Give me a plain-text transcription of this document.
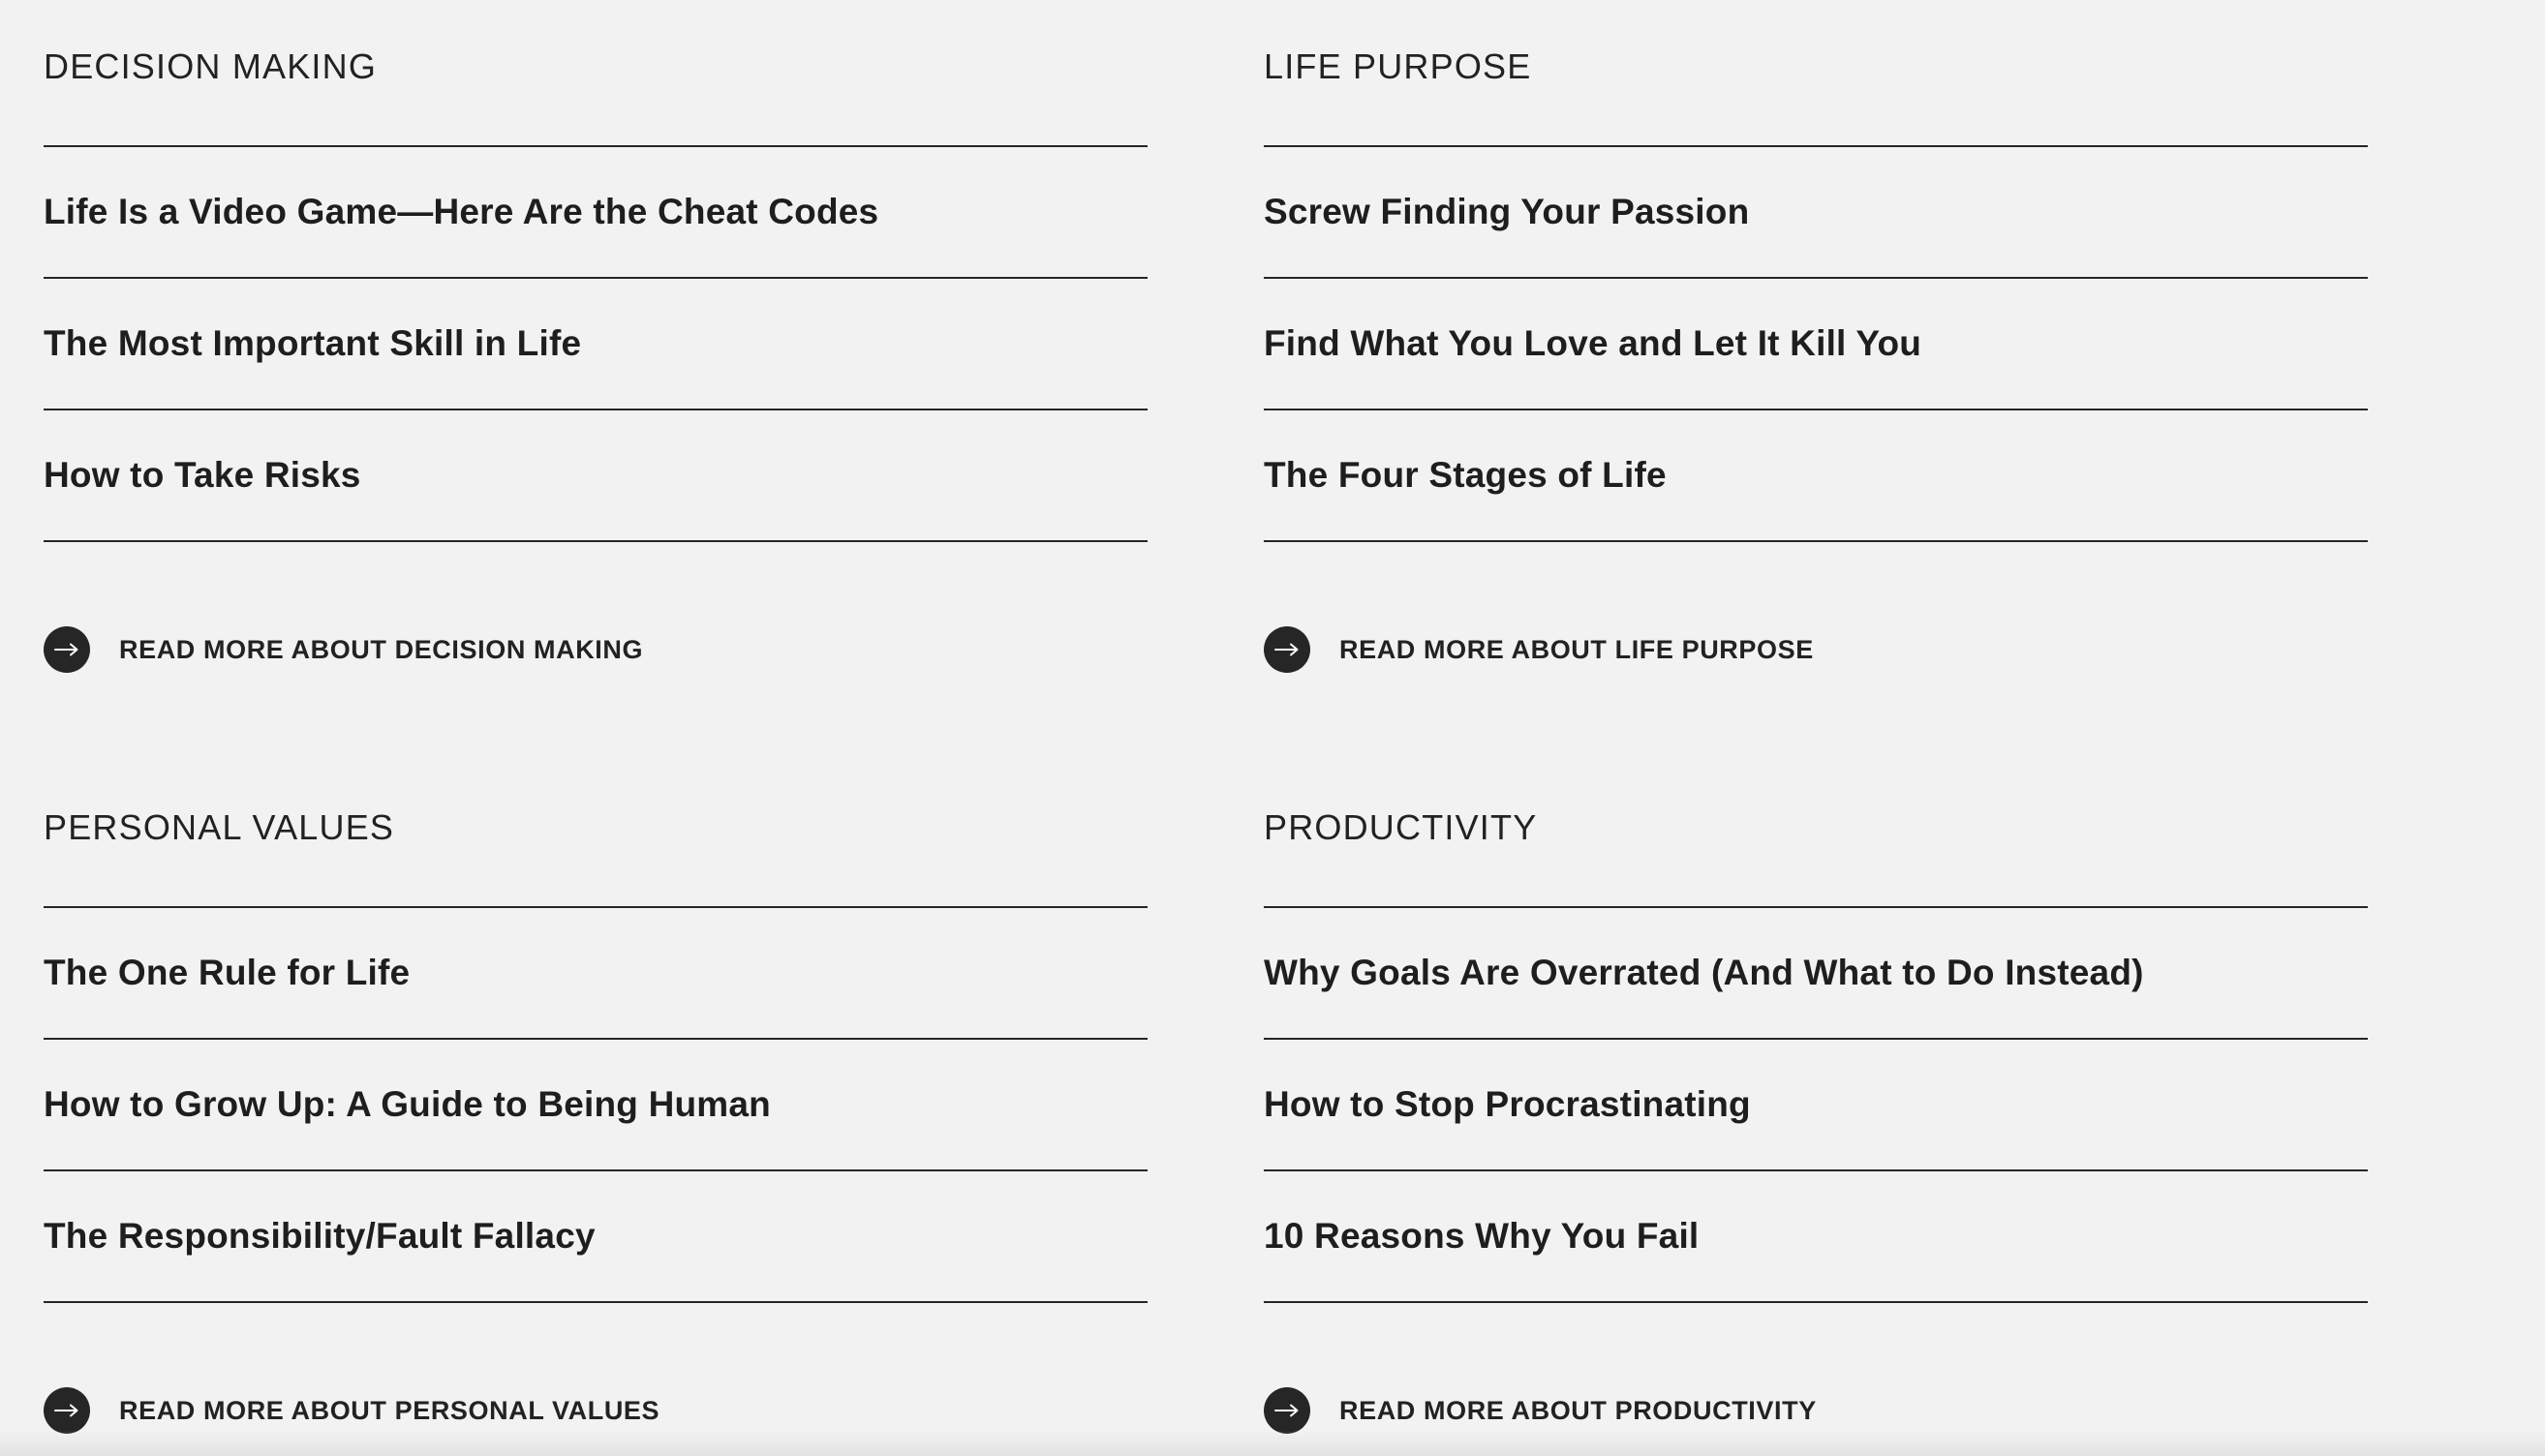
DECISION MAKING
Life Is a Video Game—Here Are the Cheat Codes
The Most Important Skill in Life
How to Take Risks
READ MORE ABOUT DECISION MAKING
LIFE PURPOSE
Screw Finding Your Passion
Find What You Love and Let It Kill You
The Four Stages of Life
READ MORE ABOUT LIFE PURPOSE
PERSONAL VALUES
The One Rule for Life
How to Grow Up: A Guide to Being Human
The Responsibility/Fault Fallacy
READ MORE ABOUT PERSONAL VALUES
PRODUCTIVITY
Why Goals Are Overrated (And What to Do Instead)
How to Stop Procrastinating
10 Reasons Why You Fail
READ MORE ABOUT PRODUCTIVITY
